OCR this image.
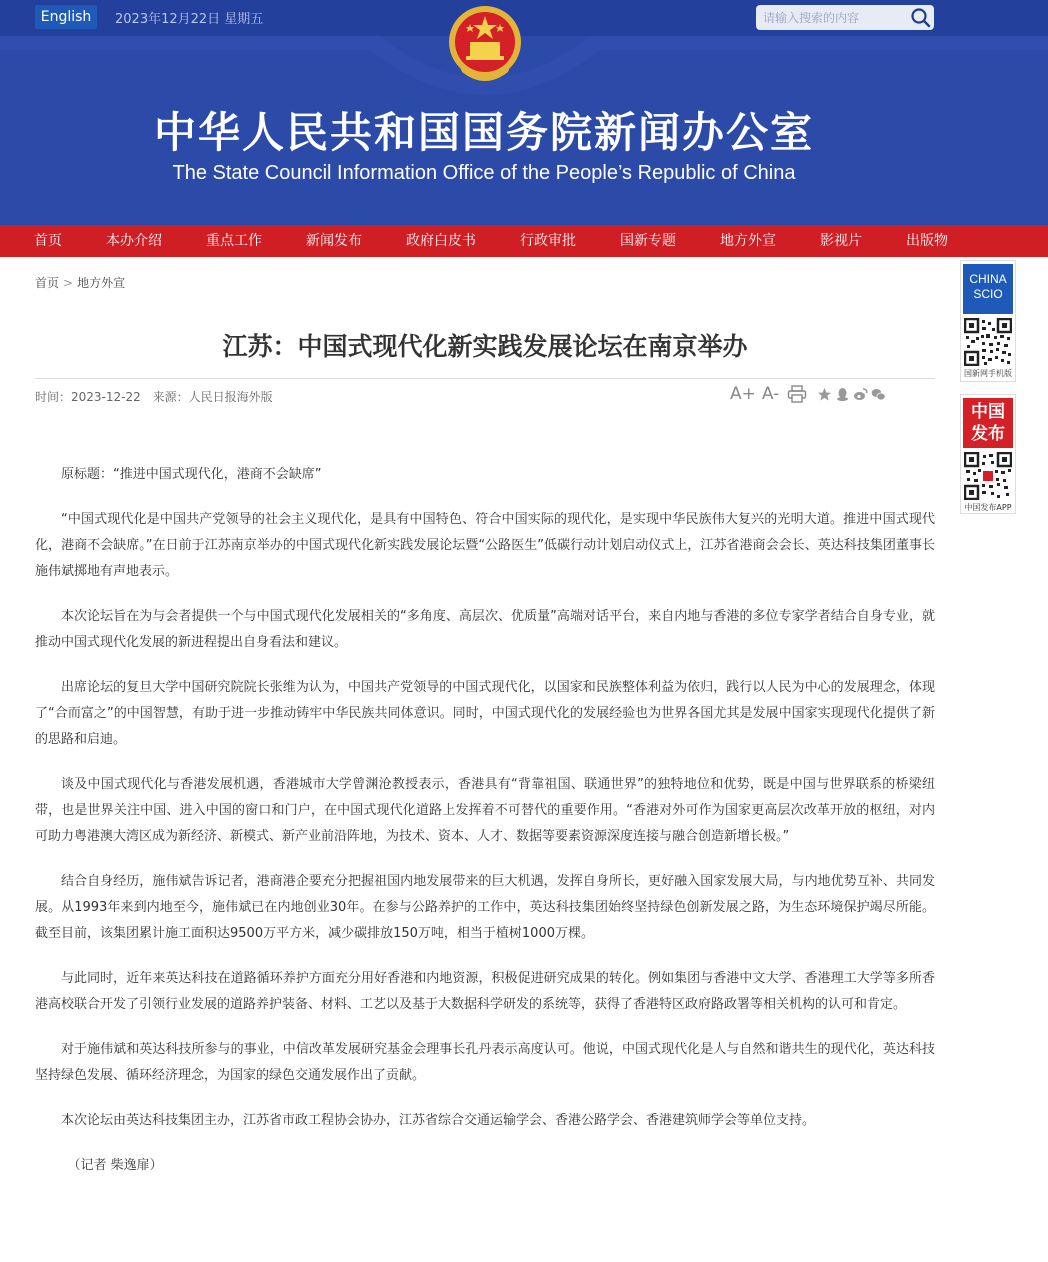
English	2023年12月22日 星期五
请输入搜索的内容
中华人民共和国国务院新闻办公室
The State Council Information Office of the People’s Republic of China
首页	本办介绍	重点工作	新闻发布	政府白皮书	行政审批	国新专题	地方外宣	影视片	出版物
首页 > 地方外宣
江苏：中国式现代化新实践发展论坛在南京举办
时间：2023-12-22 来源：人民日报海外版	A+ A-

原标题：“推进中国式现代化，港商不会缺席”

“中国式现代化是中国共产党领导的社会主义现代化，是具有中国特色、符合中国实际的现代化，是实现中华民族伟大复兴的光明大道。推进中国式现代化，港商不会缺席。”在日前于江苏南京举办的中国式现代化新实践发展论坛暨“公路医生”低碳行动计划启动仪式上，江苏省港商会会长、英达科技集团董事长施伟斌掷地有声地表示。

本次论坛旨在为与会者提供一个与中国式现代化发展相关的“多角度、高层次、优质量”高端对话平台，来自内地与香港的多位专家学者结合自身专业，就推动中国式现代化发展的新进程提出自身看法和建议。

出席论坛的复旦大学中国研究院院长张维为认为，中国共产党领导的中国式现代化，以国家和民族整体利益为依归，践行以人民为中心的发展理念，体现了“合而富之”的中国智慧，有助于进一步推动铸牢中华民族共同体意识。同时，中国式现代化的发展经验也为世界各国尤其是发展中国家实现现代化提供了新的思路和启迪。

谈及中国式现代化与香港发展机遇，香港城市大学曾渊沧教授表示，香港具有“背靠祖国、联通世界”的独特地位和优势，既是中国与世界联系的桥梁纽带，也是世界关注中国、进入中国的窗口和门户，在中国式现代化道路上发挥着不可替代的重要作用。“香港对外可作为国家更高层次改革开放的枢纽，对内可助力粤港澳大湾区成为新经济、新模式、新产业前沿阵地，为技术、资本、人才、数据等要素资源深度连接与融合创造新增长极。”

结合自身经历，施伟斌告诉记者，港商港企要充分把握祖国内地发展带来的巨大机遇，发挥自身所长，更好融入国家发展大局，与内地优势互补、共同发展。从1993年来到内地至今，施伟斌已在内地创业30年。在参与公路养护的工作中，英达科技集团始终坚持绿色创新发展之路，为生态环境保护竭尽所能。截至目前，该集团累计施工面积达9500万平方米，减少碳排放150万吨，相当于植树1000万棵。

与此同时，近年来英达科技在道路循环养护方面充分用好香港和内地资源，积极促进研究成果的转化。例如集团与香港中文大学、香港理工大学等多所香港高校联合开发了引领行业发展的道路养护装备、材料、工艺以及基于大数据科学研发的系统等，获得了香港特区政府路政署等相关机构的认可和肯定。

对于施伟斌和英达科技所参与的事业，中信改革发展研究基金会理事长孔丹表示高度认可。他说，中国式现代化是人与自然和谐共生的现代化，英达科技坚持绿色发展、循环经济理念，为国家的绿色交通发展作出了贡献。

本次论坛由英达科技集团主办，江苏省市政工程协会协办，江苏省综合交通运输学会、香港公路学会、香港建筑师学会等单位支持。

（记者 柴逸扉）

CHINA
SCIO
国新网手机版
中国
发布
中国发布APP
